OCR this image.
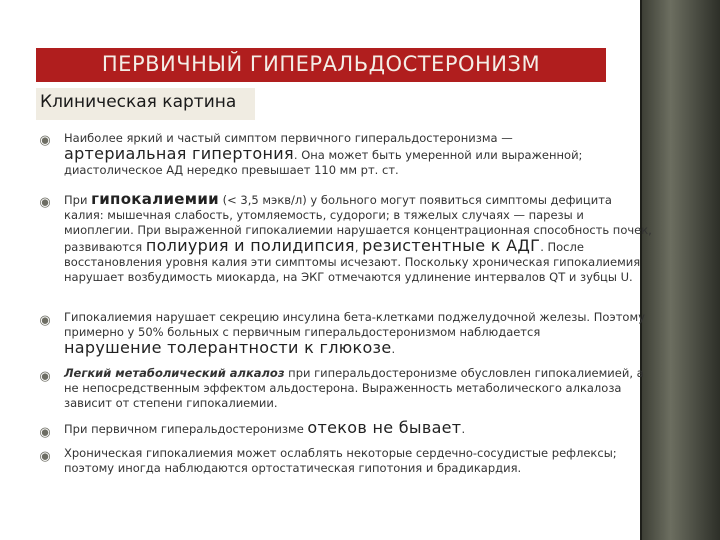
ПЕРВИЧНЫЙ ГИПЕРАЛЬДОСТЕРОНИЗМ
Клиническая картина
◉ Наиболее яркий и частый симптом первичного гиперальдостеронизма —
артериальная гипертония. Она может быть умеренной или выраженной; диастолическое АД нередко превышает 110 мм рт. ст.
◉ При гипокалиемии (< 3,5 мэкв/л) у больного могут появиться симптомы дефицита калия: мышечная слабость, утомляемость, судороги; в тяжелых случаях — парезы и миоплегии. При выраженной гипокалиемии нарушается концентрационная способность почек, развиваются полиурия и полидипсия, резистентные к АДГ. После восстановления уровня калия эти симптомы исчезают. Поскольку хроническая гипокалиемия нарушает возбудимость миокарда, на ЭКГ отмечаются удлинение интервалов QT и зубцы U.
◉ Гипокалиемия нарушает секрецию инсулина бета-клетками поджелудочной железы. Поэтому примерно у 50% больных с первичным гиперальдостеронизмом наблюдается
нарушение толерантности к глюкозе.
◉ Легкий метаболический алкалоз при гиперальдостеронизме обусловлен гипокалиемией, а не непосредственным эффектом альдостерона. Выраженность метаболического алкалоза зависит от степени гипокалиемии.
◉ При первичном гиперальдостеронизме отеков не бывает.
◉ Хроническая гипокалиемия может ослаблять некоторые сердечно-сосудистые рефлексы; поэтому иногда наблюдаются ортостатическая гипотония и брадикардия.
